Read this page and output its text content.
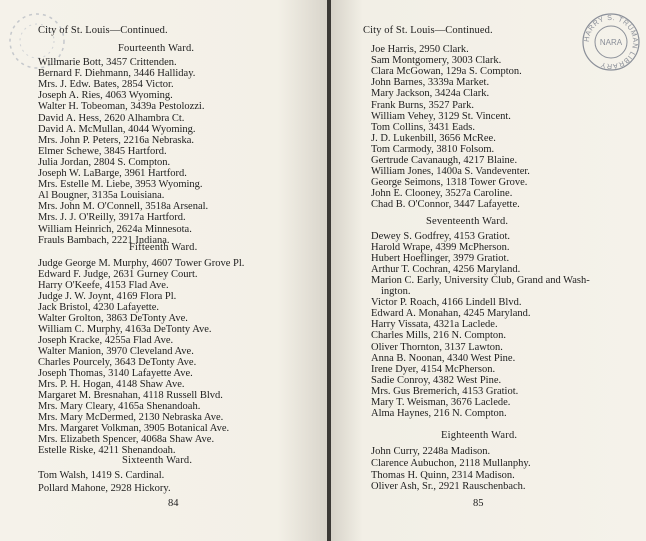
City of St. Louis—Continued.
Fourteenth Ward.
Willmarie Bott, 3457 Crittenden.
Bernard F. Diehmann, 3446 Halliday.
Mrs. J. Edw. Bates, 2854 Victor.
Joseph A. Ries, 4063 Wyoming.
Walter H. Tobeoman, 3439a Pestolozzi.
David A. Hess, 2620 Alhambra Ct.
David A. McMullan, 4044 Wyoming.
Mrs. John P. Peters, 2216a Nebraska.
Elmer Schewe, 3845 Hartford.
Julia Jordan, 2804 S. Compton.
Joseph W. LaBarge, 3961 Hartford.
Mrs. Estelle M. Liebe, 3953 Wyoming.
Al Bougner, 3135a Louisiana.
Mrs. John M. O'Connell, 3518a Arsenal.
Mrs. J. J. O'Reilly, 3917a Hartford.
William Heinrich, 2624a Minnesota.
Frauls Bambach, 2221 Indiana.
Fifteenth Ward.
Judge George M. Murphy, 4607 Tower Grove Pl.
Edward F. Judge, 2631 Gurney Court.
Harry O'Keefe, 4153 Flad Ave.
Judge J. W. Joynt, 4169 Flora Pl.
Jack Bristol, 4230 Lafayette.
Walter Grolton, 3863 DeTonty Ave.
William C. Murphy, 4163a DeTonty Ave.
Joseph Kracke, 4255a Flad Ave.
Walter Manion, 3970 Cleveland Ave.
Charles Pourcely, 3643 DeTonty Ave.
Joseph Thomas, 3140 Lafayette Ave.
Mrs. P. H. Hogan, 4148 Shaw Ave.
Margaret M. Bresnahan, 4118 Russell Blvd.
Mrs. Mary Cleary, 4165a Shenandoah.
Mrs. Mary McDermed, 2130 Nebraska Ave.
Mrs. Margaret Volkman, 3905 Botanical Ave.
Mrs. Elizabeth Spencer, 4068a Shaw Ave.
Estelle Riske, 4211 Shenandoah.
Sixteenth Ward.
Tom Walsh, 1419 S. Cardinal.
Pollard Mahone, 2928 Hickory.
84
City of St. Louis—Continued.
HARRY S. TRUMAN LIBRARY
NARA
Joe Harris, 2950 Clark.
Sam Montgomery, 3003 Clark.
Clara McGowan, 129a S. Compton.
John Barnes, 3339a Market.
Mary Jackson, 3424a Clark.
Frank Burns, 3527 Park.
William Vehey, 3129 St. Vincent.
Tom Collins, 3431 Eads.
J. D. Lukenbill, 3656 McRee.
Tom Carmody, 3810 Folsom.
Gertrude Cavanaugh, 4217 Blaine.
William Jones, 1400a S. Vandeventer.
George Seimons, 1318 Tower Grove.
John E. Clooney, 3527a Caroline.
Chad B. O'Connor, 3447 Lafayette.
Seventeenth Ward.
Dewey S. Godfrey, 4153 Gratiot.
Harold Wrape, 4399 McPherson.
Hubert Hoeflinger, 3979 Gratiot.
Arthur T. Cochran, 4256 Maryland.
Marion C. Early, University Club, Grand and Wash-
ington.
Victor P. Roach, 4166 Lindell Blvd.
Edward A. Monahan, 4245 Maryland.
Harry Vissata, 4321a Laclede.
Charles Mills, 216 N. Compton.
Oliver Thornton, 3137 Lawton.
Anna B. Noonan, 4340 West Pine.
Irene Dyer, 4154 McPherson.
Sadie Conroy, 4382 West Pine.
Mrs. Gus Bremerich, 4153 Gratiot.
Mary T. Weisman, 3676 Laclede.
Alma Haynes, 216 N. Compton.
Eighteenth Ward.
John Curry, 2248a Madison.
Clarence Aubuchon, 2118 Mullanphy.
Thomas H. Quinn, 2314 Madison.
Oliver Ash, Sr., 2921 Rauschenbach.
85
